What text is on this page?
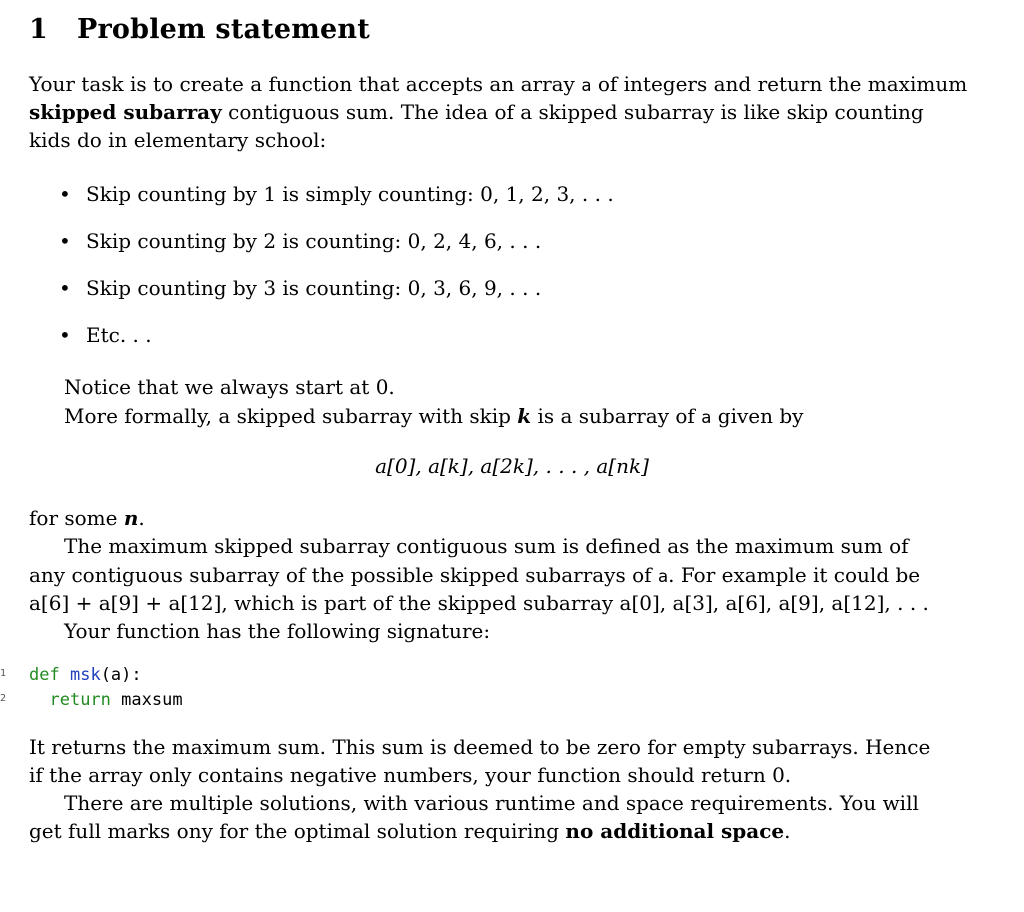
1 Problem statement
Your task is to create a function that accepts an array a of integers and return the maximum
skipped subarray contiguous sum. The idea of a skipped subarray is like skip counting
kids do in elementary school:
• Skip counting by 1 is simply counting: 0, 1, 2, 3, . . .
• Skip counting by 2 is counting: 0, 2, 4, 6, . . .
• Skip counting by 3 is counting: 0, 3, 6, 9, . . .
• Etc. . .
Notice that we always start at 0.
More formally, a skipped subarray with skip k is a subarray of a given by
a[0], a[k], a[2k], . . . , a[nk]
for some n.
The maximum skipped subarray contiguous sum is defined as the maximum sum of
any contiguous subarray of the possible skipped subarrays of a. For example it could be
a[6] + a[9] + a[12], which is part of the skipped subarray a[0], a[3], a[6], a[9], a[12], . . .
Your function has the following signature:
1
2
def msk(a):
return maxsum
It returns the maximum sum. This sum is deemed to be zero for empty subarrays. Hence
if the array only contains negative numbers, your function should return 0.
There are multiple solutions, with various runtime and space requirements. You will
get full marks ony for the optimal solution requiring no additional space.
